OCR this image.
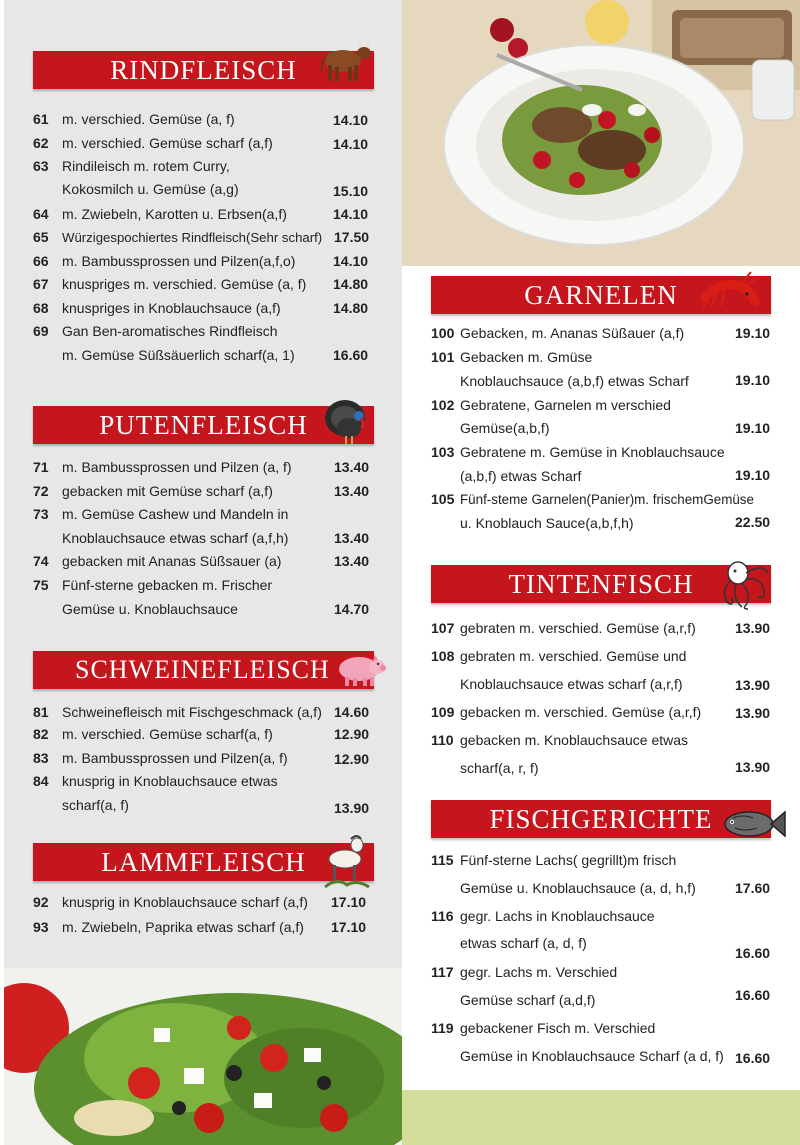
RINDFLEISCH
61 m. verschied. Gemüse (a, f)	14.10
62 m. verschied. Gemüse scharf (a,f)	14.10
63 Rindileisch m. rotem Curry,
Kokosmilch u. Gemüse (a,g)	15.10
64 m. Zwiebeln, Karotten u. Erbsen(a,f)	14.10
65 Würzigespochiertes Rindfleisch(Sehr scharf) 17.50
66 m. Bambussprossen und Pilzen(a,f,o)	14.10
67 knuspriges m. verschied. Gemüse (a, f) 14.80
68 knuspriges in Knoblauchsauce (a,f)	14.80
69 Gan Ben-aromatisches Rindfleisch
m. Gemüse Süßsäuerlich scharf(a, 1)	16.60
PUTENFLEISCH
71 m. Bambussprossen und Pilzen (a, f)	13.40
72 gebacken mit Gemüse scharf (a,f)	13.40
73 m. Gemüse Cashew und Mandeln in
Knoblauchsauce etwas scharf (a,f,h)	13.40
74 gebacken mit Ananas Süßsauer (a)	13.40
75 Fünf-sterne gebacken m. Frischer
Gemüse u. Knoblauchsauce	14.70
SCHWEINEFLEISCH
81 Schweinefleisch mit Fischgeschmack (a,f) 14.60
82 m. verschied. Gemüse scharf(a, f)	12.90
83 m. Bambussprossen und Pilzen(a, f)	12.90
84 knusprig in Knoblauchsauce etwas
scharf(a, f)	13.90
LAMMFLEISCH
92 knusprig in Knoblauchsauce scharf (a,f) 17.10
93 m. Zwiebeln, Paprika etwas scharf (a,f) 17.10
GARNELEN
100 Gebacken, m. Ananas Süßauer (a,f)	19.10
101 Gebacken m. Gmüse
Knoblauchsauce (a,b,f) etwas Scharf	19.10
102 Gebratene, Garnelen m verschied
Gemüse(a,b,f)	19.10
103 Gebratene m. Gemüse in Knoblauchsauce
(a,b,f) etwas Scharf	19.10
105 Fünf-steme Garnelen(Panier)m. frischemGemüse
u. Knoblauch Sauce(a,b,f,h)	22.50
TINTENFISCH
107 gebraten m. verschied. Gemüse (a,r,f)	13.90
108 gebraten m. verschied. Gemüse und
Knoblauchsauce etwas scharf (a,r,f)	13.90
109 gebacken m. verschied. Gemüse (a,r,f) 13.90
110 gebacken m. Knoblauchsauce etwas
scharf(a, r, f)	13.90
FISCHGERICHTE
115 Fünf-sterne Lachs( gegrillt)m frisch
Gemüse u. Knoblauchsauce (a, d, h,f)	17.60
116 gegr. Lachs in Knoblauchsauce
etwas scharf (a, d, f)
16.60
117 gegr. Lachs m. Verschied
Gemüse scharf (a,d,f)	16.60
119 gebackener Fisch m. Verschied
Gemüse in Knoblauchsauce Scharf (a d, f) 16.60
